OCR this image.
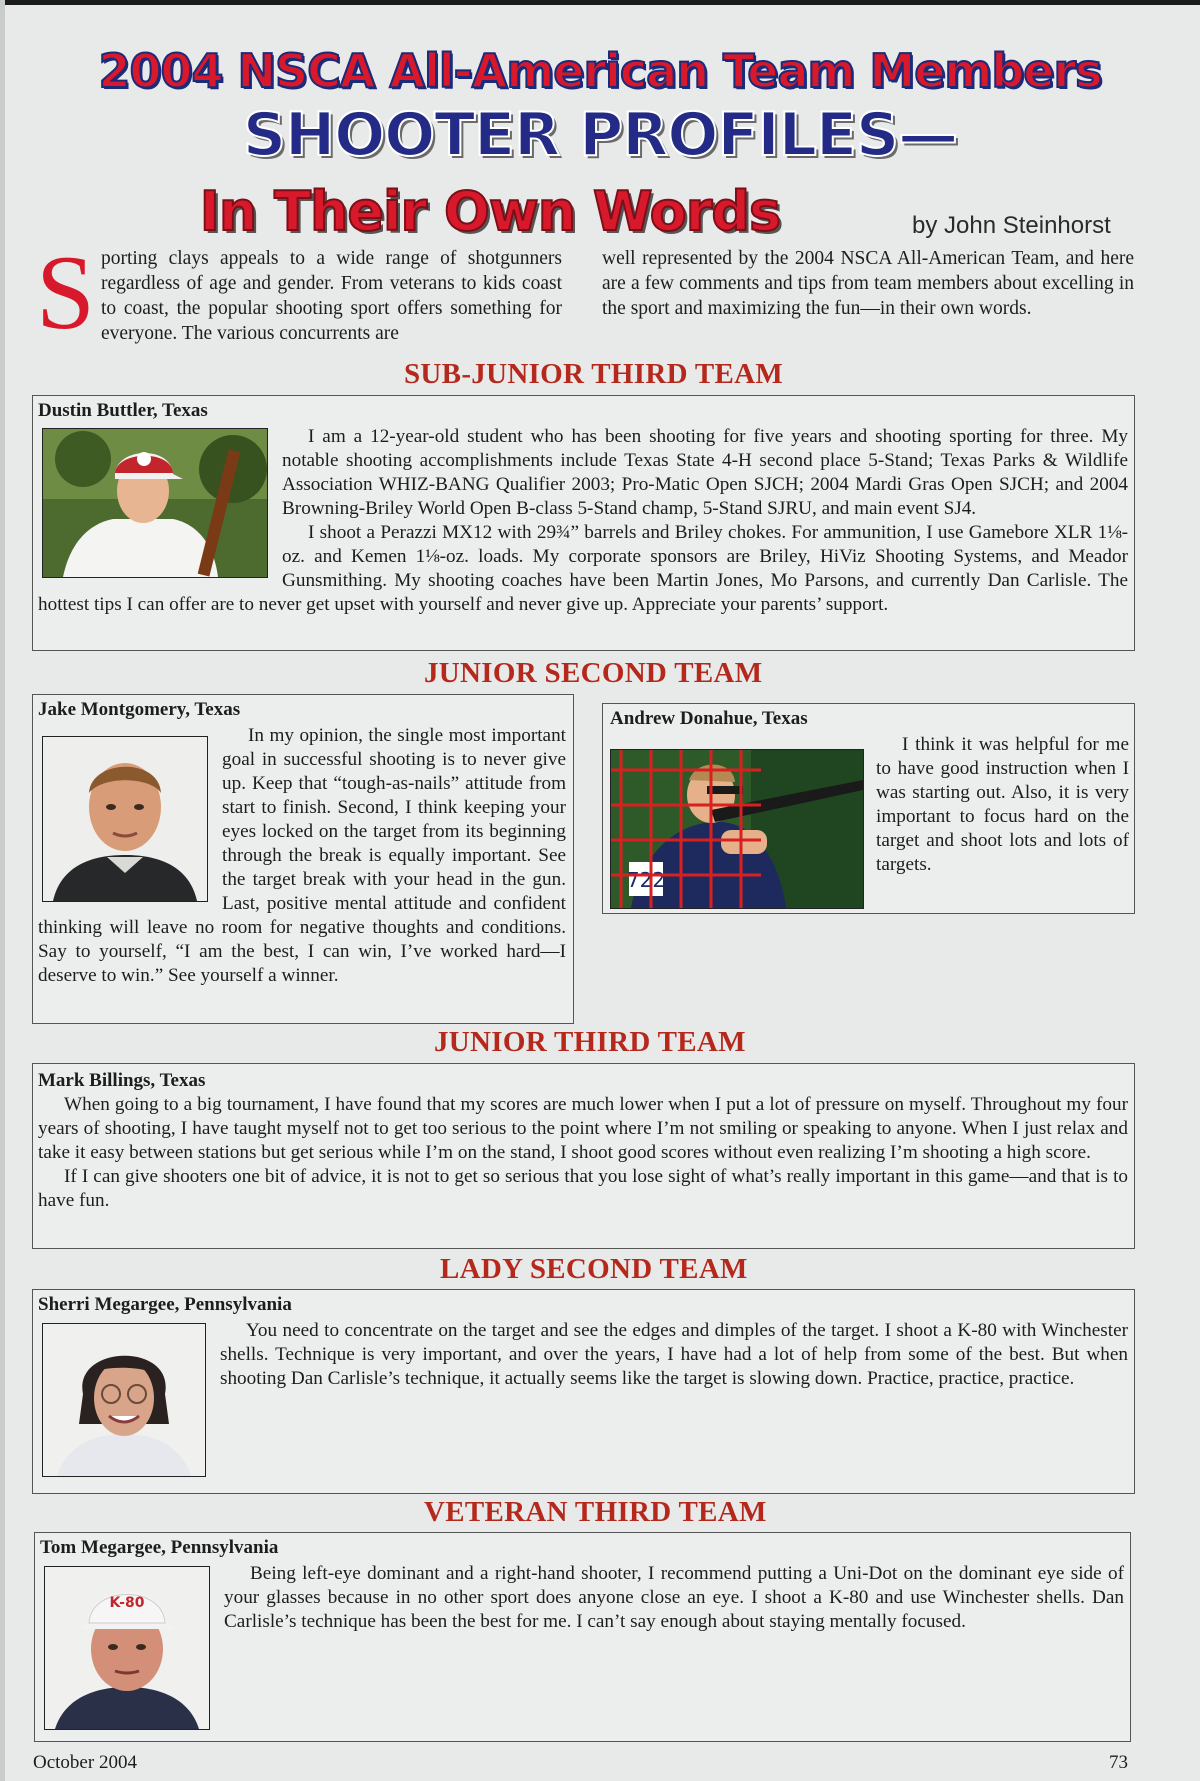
2004 NSCA All-American Team Members
SHOOTER PROFILES—
In Their Own Words	by John Steinhorst

Sporting clays appeals to a wide range of shotgunners regardless of age and gender. From veterans to kids coast to coast, the popular shooting sport offers something for everyone. The various concurrents are

well represented by the 2004 NSCA All-American Team, and here are a few comments and tips from team members about excelling in the sport and maximizing the fun—in their own words.

SUB-JUNIOR THIRD TEAM
Dustin Buttler, Texas

I am a 12-year-old student who has been shooting for five years and shooting sporting for three. My notable shooting accomplishments include Texas State 4-H second place 5-Stand; Texas Parks & Wildlife Association WHIZ-BANG Qualifier 2003; Pro-Matic Open SJCH; 2004 Mardi Gras Open SJCH; and 2004 Browning-Briley World Open B-class 5-Stand champ, 5-Stand SJRU, and main event SJ4.

I shoot a Perazzi MX12 with 29¾” barrels and Briley chokes. For ammunition, I use Gamebore XLR 1⅛-oz. and Kemen 1⅛-oz. loads. My corporate sponsors are Briley, HiViz Shooting Systems, and Meador Gunsmithing. My shooting coaches have been Martin Jones, Mo Parsons, and currently Dan Carlisle. The hottest tips I can offer are to never get upset with yourself and never give up. Appreciate your parents’ support.

JUNIOR SECOND TEAM
Jake Montgomery, Texas

In my opinion, the single most important goal in successful shooting is to never give up. Keep that “tough-as-nails” attitude from start to finish. Second, I think keeping your eyes locked on the target from its beginning through the break is equally important. See the target break with your head in the gun. Last, positive mental attitude and confident thinking will leave no room for negative thoughts and conditions. Say to yourself, “I am the best, I can win, I’ve worked hard—I deserve to win.” See yourself a winner.

Andrew Donahue, Texas
722

I think it was helpful for me to have good instruction when I was starting out. Also, it is very important to focus hard on the target and shoot lots and lots of targets.

JUNIOR THIRD TEAM
Mark Billings, Texas

When going to a big tournament, I have found that my scores are much lower when I put a lot of pressure on myself. Throughout my four years of shooting, I have taught myself not to get too serious to the point where I’m not smiling or speaking to anyone. When I just relax and take it easy between stations but get serious while I’m on the stand, I shoot good scores without even realizing I’m shooting a high score.

If I can give shooters one bit of advice, it is not to get so serious that you lose sight of what’s really important in this game—and that is to have fun.

LADY SECOND TEAM
Sherri Megargee, Pennsylvania

You need to concentrate on the target and see the edges and dimples of the target. I shoot a K-80 with Winchester shells. Technique is very important, and over the years, I have had a lot of help from some of the best. But when shooting Dan Carlisle’s technique, it actually seems like the target is slowing down. Practice, practice, practice.

VETERAN THIRD TEAM
Tom Megargee, Pennsylvania
K-80

Being left-eye dominant and a right-hand shooter, I recommend putting a Uni-Dot on the dominant eye side of your glasses because in no other sport does anyone close an eye. I shoot a K-80 and use Winchester shells. Dan Carlisle’s technique has been the best for me. I can’t say enough about staying mentally focused.

October 2004	73
